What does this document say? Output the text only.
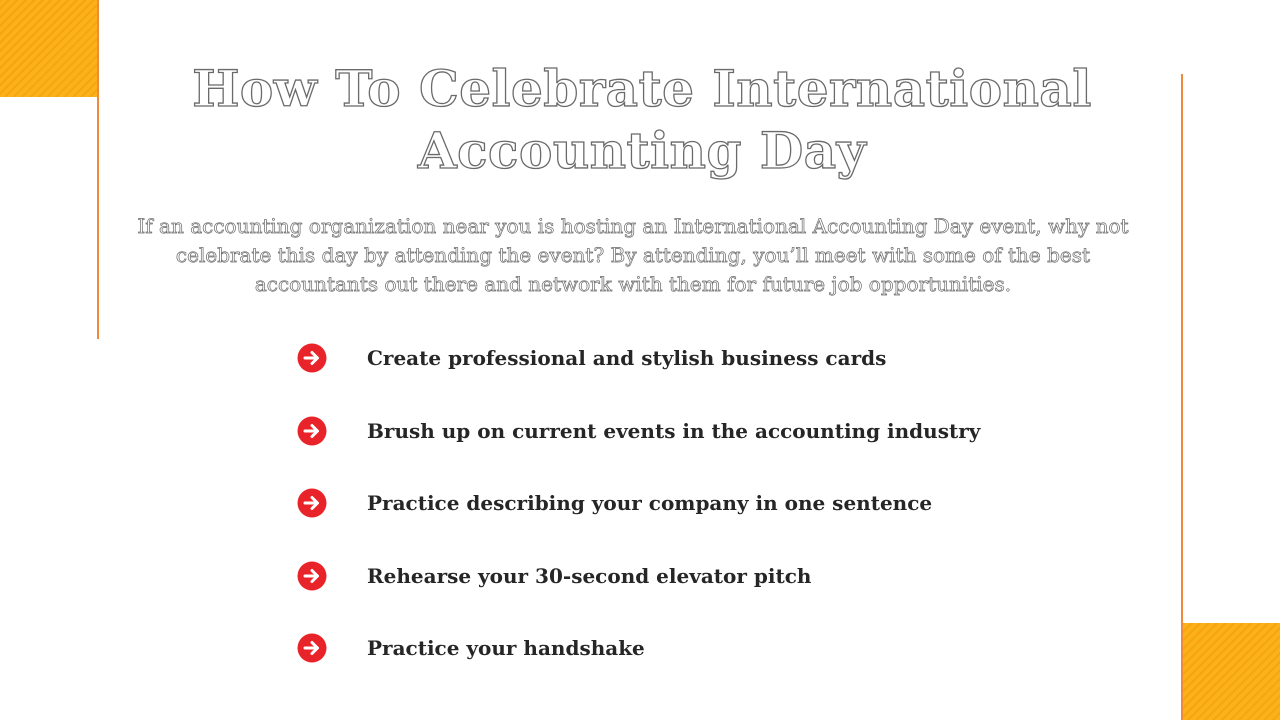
How To Celebrate International Accounting Day

If an accounting organization near you is hosting an International Accounting Day event, why not celebrate this day by attending the event? By attending, you’ll meet with some of the best accountants out there and network with them for future job opportunities.

Create professional and stylish business cards
Brush up on current events in the accounting industry
Practice describing your company in one sentence
Rehearse your 30-second elevator pitch
Practice your handshake
